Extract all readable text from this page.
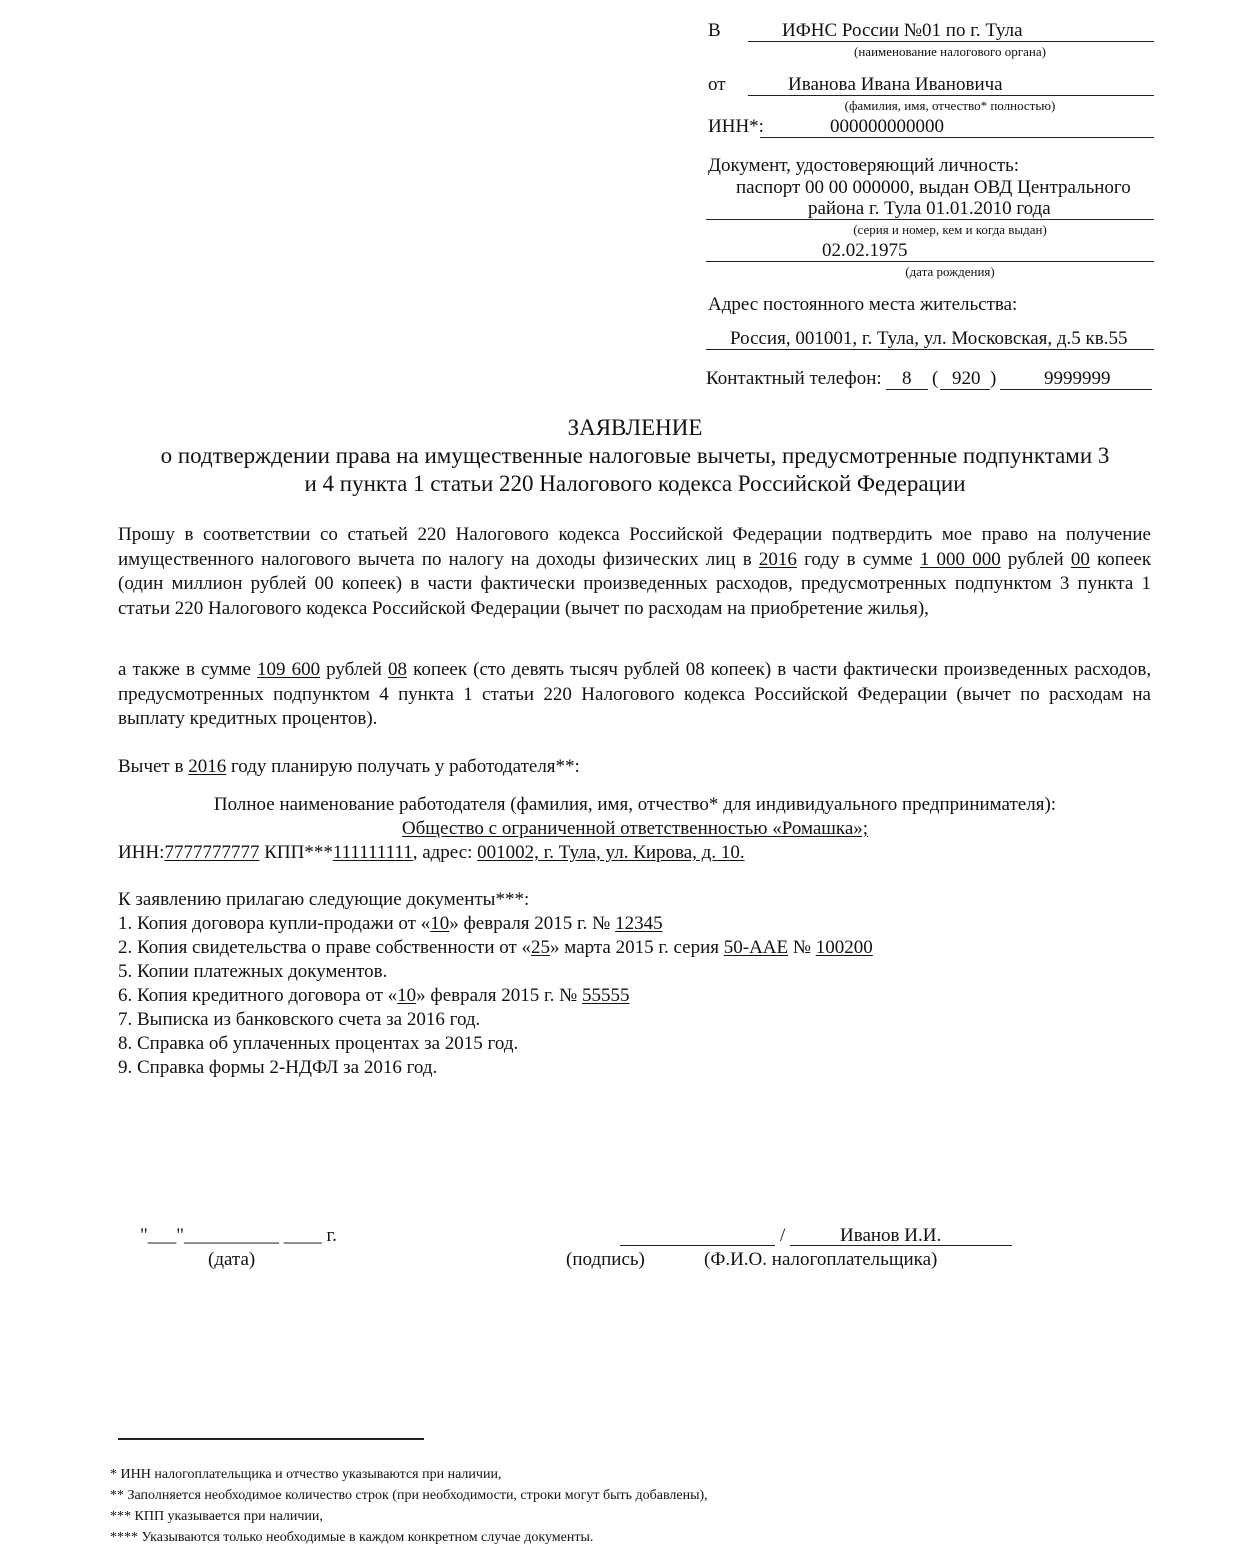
В	ИФНС России №01 по г. Тула
(наименование налогового органа)
от	Ивановa Ивана Ивановича
(фамилия, имя, отчество* полностью)
ИНН*:	000000000000
Документ, удостоверяющий личность:
паспорт 00 00 000000, выдан ОВД Центрального
района г. Тула 01.01.2010 года
(серия и номер, кем и когда выдан)
02.02.1975
(дата рождения)
Адрес постоянного места жительства:
Россия, 001001, г. Тула, ул. Московская, д.5 кв.55
Контактный телефон: 8 ( 920 )	9999999
ЗАЯВЛЕНИЕ
о подтверждении права на имущественные налоговые вычеты, предусмотренные подпунктами 3
и 4 пункта 1 статьи 220 Налогового кодекса Российской Федерации
Прошу в соответствии со статьей 220 Налогового кодекса Российской Федерации подтвердить мое право на получение имущественного налогового вычета по налогу на доходы физических лиц в 2016 году в сумме 1 000 000 рублей 00 копеек (один миллион рублей 00 копеек) в части фактически произведенных расходов, предусмотренных подпунктом 3 пункта 1 статьи 220 Налогового кодекса Российской Федерации (вычет по расходам на приобретение жилья),
а также в сумме 109 600 рублей 08 копеек (сто девять тысяч рублей 08 копеек) в части фактически произведенных расходов, предусмотренных подпунктом 4 пункта 1 статьи 220 Налогового кодекса Российской Федерации (вычет по расходам на выплату кредитных процентов).
Вычет в 2016 году планирую получать у работодателя**:
Полное наименование работодателя (фамилия, имя, отчество* для индивидуального предпринимателя):
Общество с ограниченной ответственностью «Ромашка»;
ИНН:7777777777 КПП***111111111, адрес: 001002, г. Тула, ул. Кирова, д. 10.
К заявлению прилагаю следующие документы***:
1. Копия договора купли-продажи от «10» февраля 2015 г. № 12345
2. Копия свидетельства о праве собственности от «25» марта 2015 г. серия 50-ААЕ № 100200
5. Копии платежных документов.
6. Копия кредитного договора от «10» февраля 2015 г. № 55555
7. Выписка из банковского счета за 2016 год.
8. Справка об уплаченных процентах за 2015 год.
9. Справка формы 2-НДФЛ за 2016 год.
"___"__________ ____ г.
(дата)
/	Иванов И.И.
(подпись)	(Ф.И.О. налогоплательщика)
* ИНН налогоплательщика и отчество указываются при наличии,
** Заполняется необходимое количество строк (при необходимости, строки могут быть добавлены),
*** КПП указывается при наличии,
**** Указываются только необходимые в каждом конкретном случае документы.
